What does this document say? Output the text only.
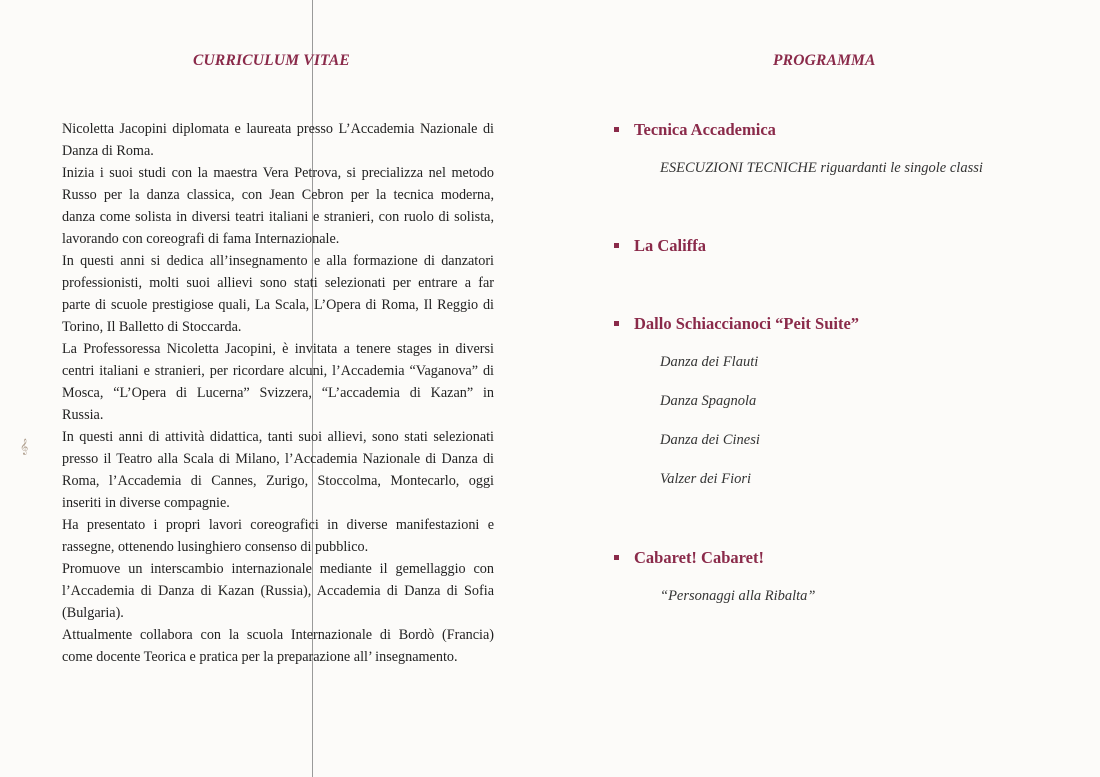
𝄞
CURRICULUM VITAE
Nicoletta Jacopini diplomata e laureata presso L’Accademia Nazionale di
Danza di Roma.
Inizia i suoi studi con la maestra Vera Petrova, si precializza nel metodo
Russo per la danza classica, con Jean Cebron per la tecnica moderna,
danza come solista in diversi teatri italiani e stranieri, con ruolo di solista,
lavorando con coreografi di fama Internazionale.
In questi anni si dedica all’insegnamento e alla formazione di danzatori
professionisti, molti suoi allievi sono stati selezionati per entrare a far
parte di scuole prestigiose quali, La Scala, L’Opera di Roma, Il Reggio di
Torino, Il Balletto di Stoccarda.
La Professoressa Nicoletta Jacopini, è invitata a tenere stages in diversi
centri italiani e stranieri, per ricordare alcuni, l’Accademia “Vaganova” di
Mosca, “L’Opera di Lucerna” Svizzera, “L’accademia di Kazan” in
Russia.
In questi anni di attività didattica, tanti suoi allievi, sono stati selezionati
presso il Teatro alla Scala di Milano, l’Accademia Nazionale di Danza di
Roma, l’Accademia di Cannes, Zurigo, Stoccolma, Montecarlo, oggi
inseriti in diverse compagnie.
Ha presentato i propri lavori coreografici in diverse manifestazioni e
rassegne, ottenendo lusinghiero consenso di pubblico.
Promuove un interscambio internazionale mediante il gemellaggio con
l’Accademia di Danza di Kazan (Russia), Accademia di Danza di Sofia
(Bulgaria).
Attualmente collabora con la scuola Internazionale di Bordò (Francia)
come docente Teorica e pratica per la preparazione all’ insegnamento.
PROGRAMMA
Tecnica Accademica
ESECUZIONI TECNICHE riguardanti le singole classi
La Califfa
Dallo Schiaccianoci “Peit Suite”
Danza dei Flauti
Danza Spagnola
Danza dei Cinesi
Valzer dei Fiori
Cabaret! Cabaret!
“Personaggi alla Ribalta”
